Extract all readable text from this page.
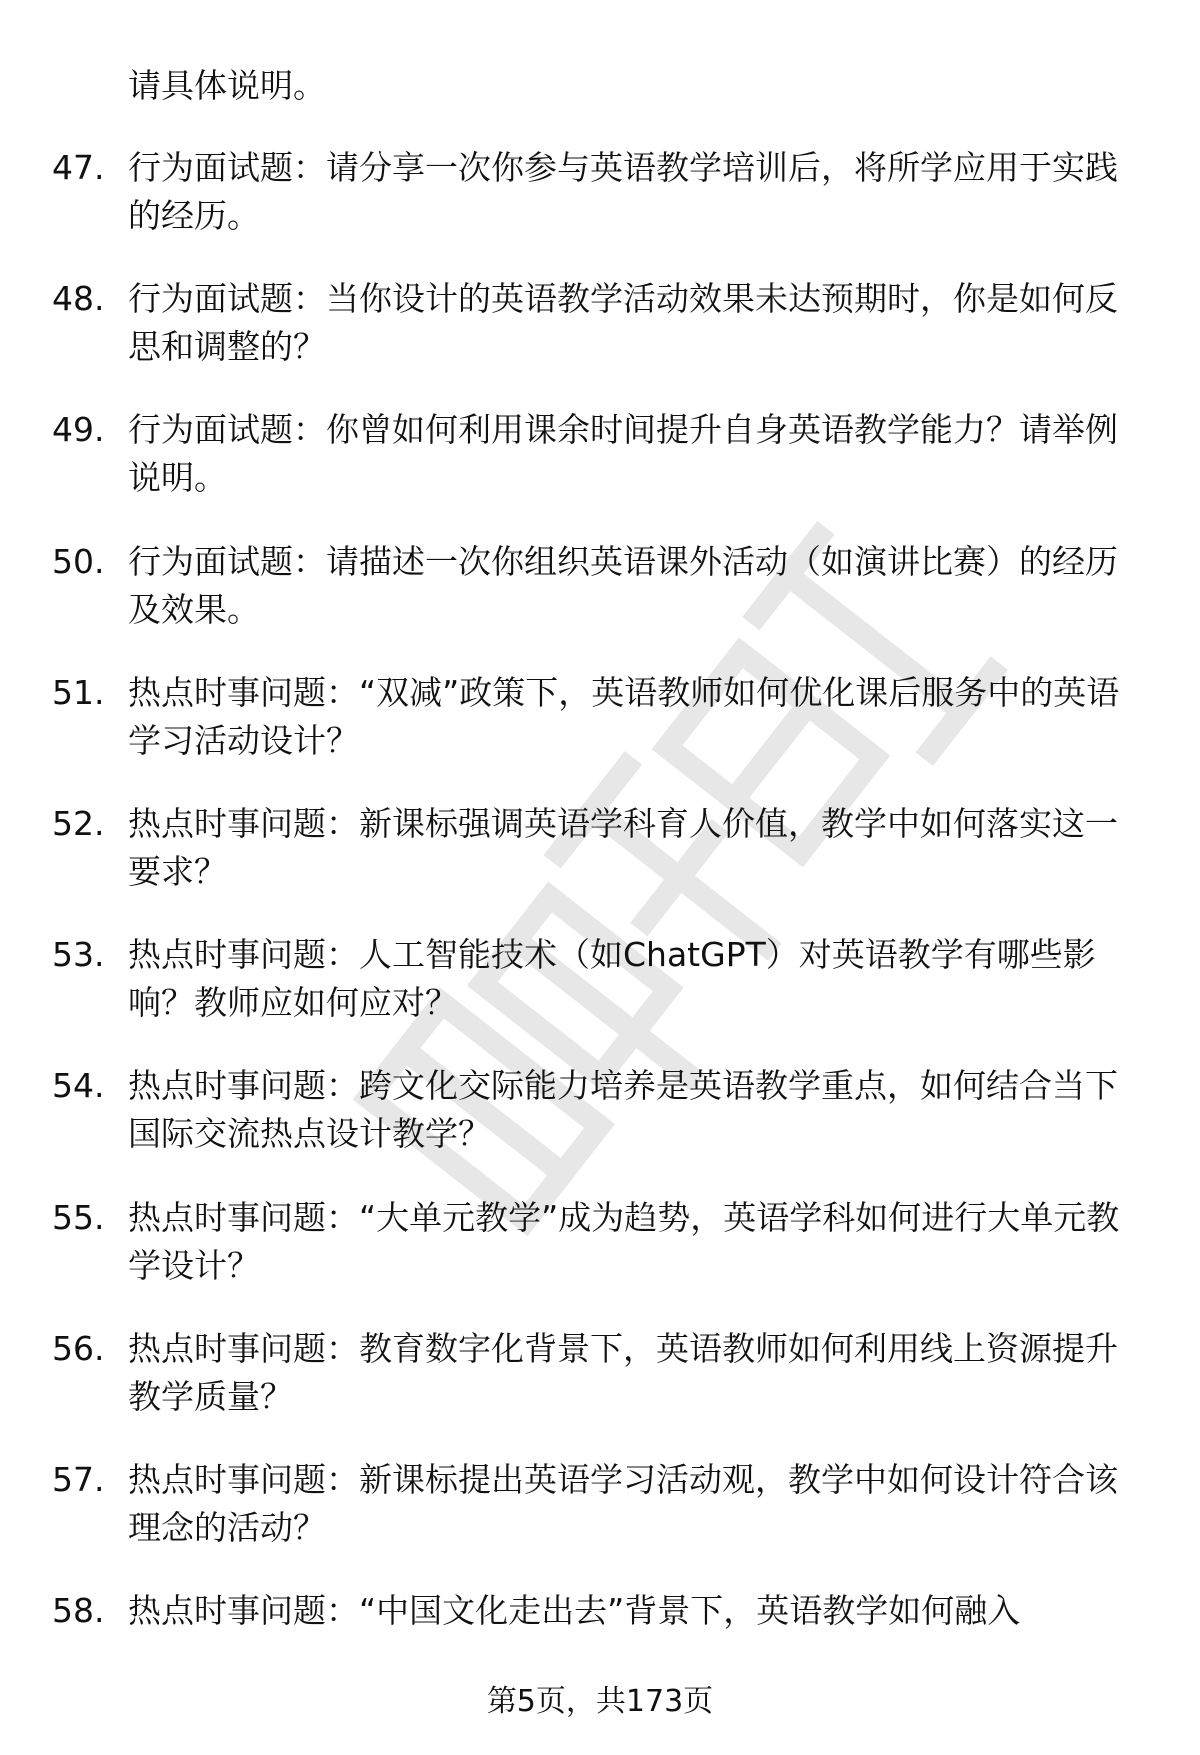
请具体说明。
47. 行为面试题：请分享一次你参与英语教学培训后，将所学应用于实践的经历。
48. 行为面试题：当你设计的英语教学活动效果未达预期时，你是如何反思和调整的？
49. 行为面试题：你曾如何利用课余时间提升自身英语教学能力？请举例说明。
50. 行为面试题：请描述一次你组织英语课外活动（如演讲比赛）的经历及效果。
51. 热点时事问题：“双减”政策下，英语教师如何优化课后服务中的英语学习活动设计？
52. 热点时事问题：新课标强调英语学科育人价值，教学中如何落实这一要求？
53. 热点时事问题：人工智能技术（如ChatGPT）对英语教学有哪些影响？教师应如何应对？
54. 热点时事问题：跨文化交际能力培养是英语教学重点，如何结合当下国际交流热点设计教学？
55. 热点时事问题：“大单元教学”成为趋势，英语学科如何进行大单元教学设计？
56. 热点时事问题：教育数字化背景下，英语教师如何利用线上资源提升教学质量？
57. 热点时事问题：新课标提出英语学习活动观，教学中如何设计符合该理念的活动？
58. 热点时事问题：“中国文化走出去”背景下，英语教学如何融入
第5页，共173页
